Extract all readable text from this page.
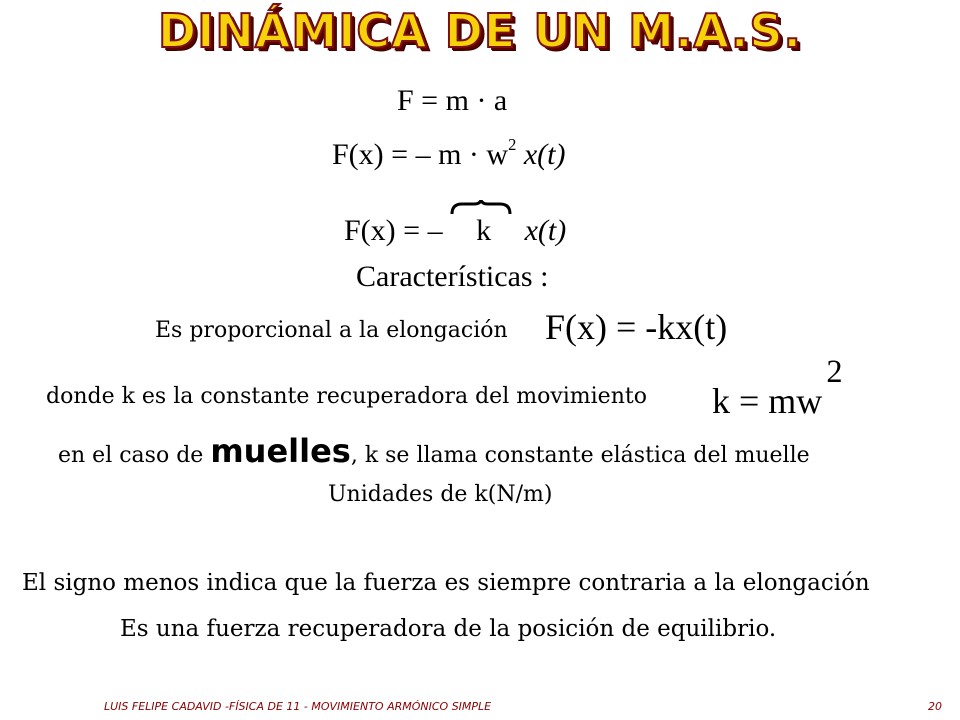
DINÁMICA DE UN M.A.S.
F = m · a
F(x) = – $m \cdot w^2$ x(t)
F(x) = – k x(t)
Características :
Es proporcional a la elongación F(x) = -kx(t)
donde k es la constante recuperadora del movimiento $k = mw^2$
en el caso de muelles, k se llama constante elástica del muelle
Unidades de k(N/m)
El signo menos indica que la fuerza es siempre contraria a la elongación
Es una fuerza recuperadora de la posición de equilibrio.
LUIS FELIPE CADAVID -FÍSICA DE 11 - MOVIMIENTO ARMÓNICO SIMPLE	20
